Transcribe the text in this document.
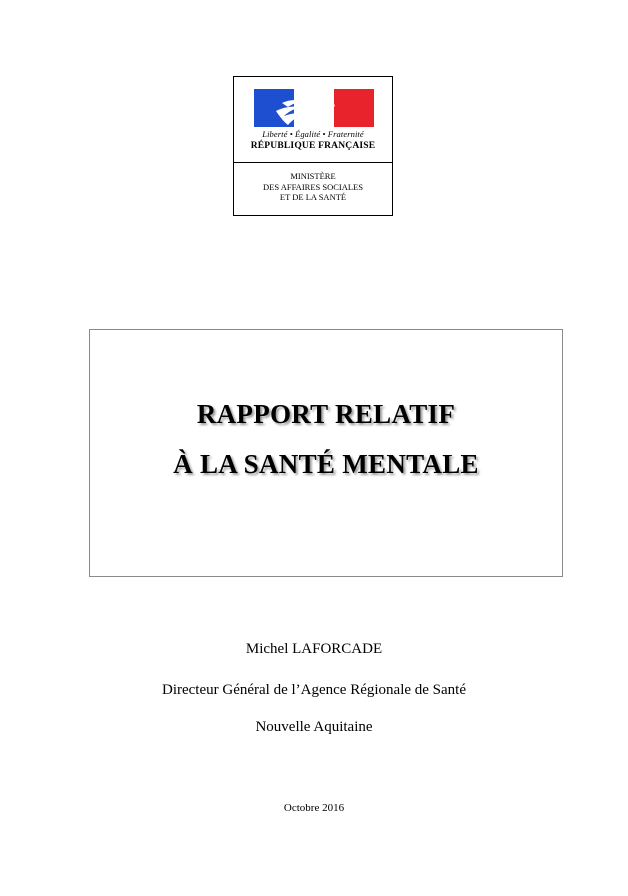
Liberté • Égalité • Fraternité
RÉPUBLIQUE FRANÇAISE
MINISTÈRE
DES AFFAIRES SOCIALES
ET DE LA SANTÉ
RAPPORT RELATIF
À LA SANTÉ MENTALE
Michel LAFORCADE
Directeur Général de l’Agence Régionale de Santé
Nouvelle Aquitaine
Octobre 2016
